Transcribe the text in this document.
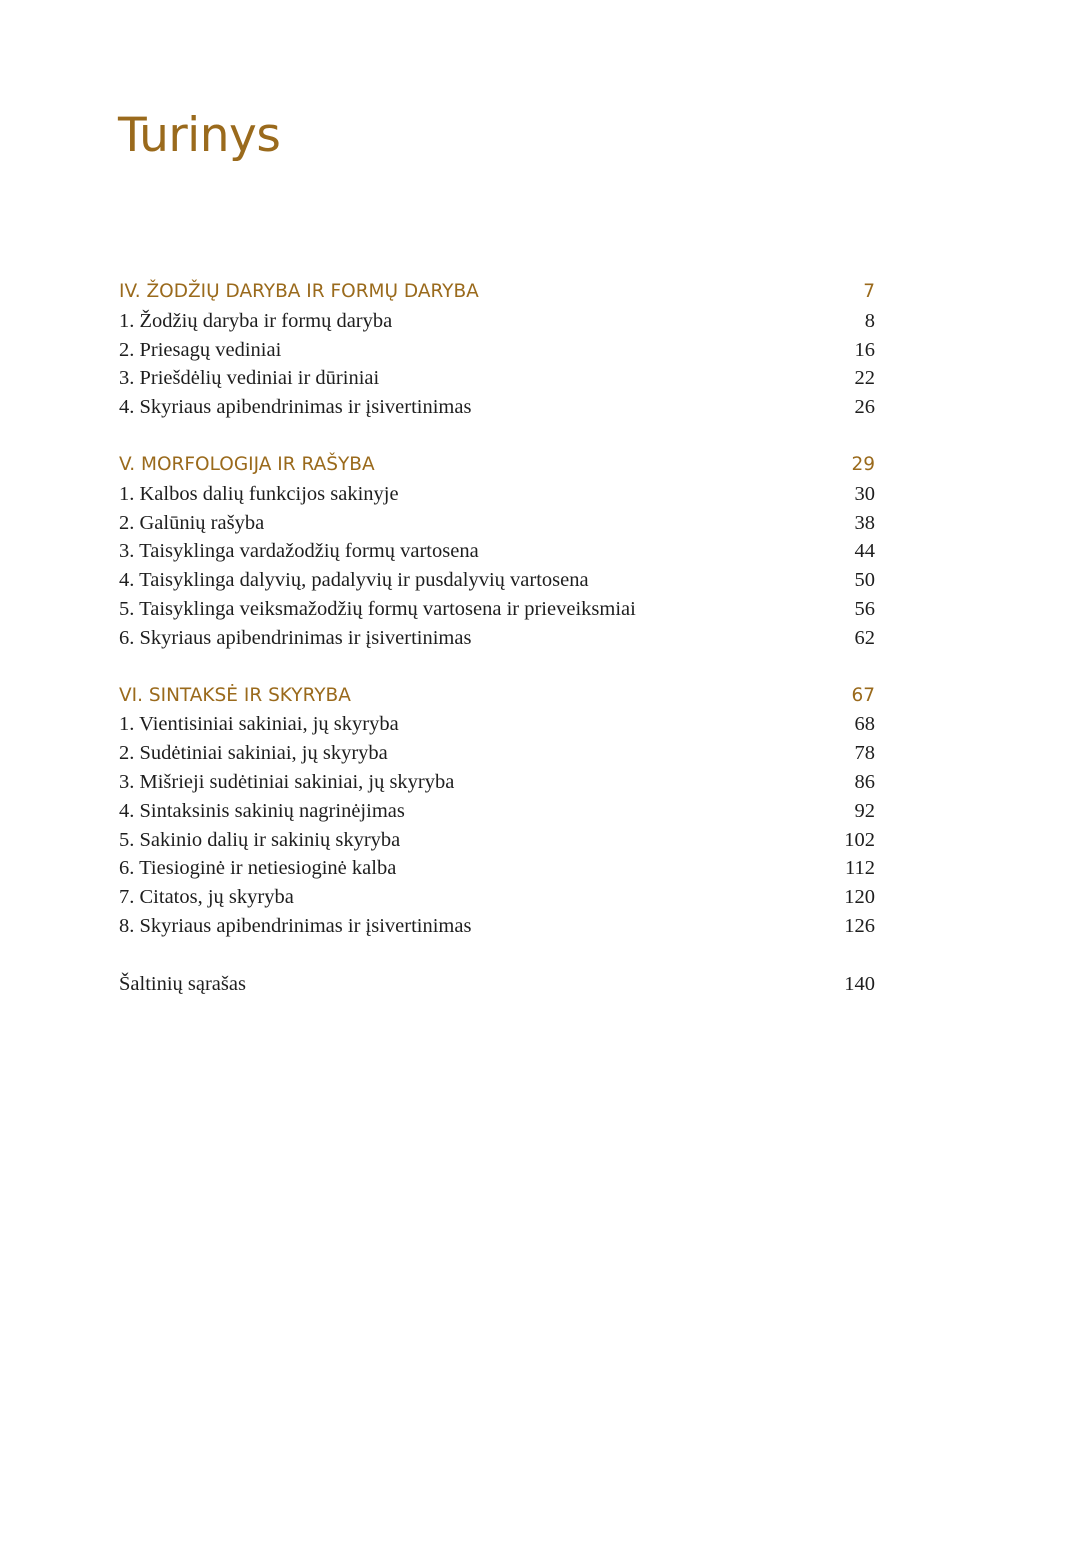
Turinys
IV. ŽODŽIŲ DARYBA IR FORMŲ DARYBA	7
1. Žodžių daryba ir formų daryba	8
2. Priesagų vediniai	16
3. Priešdėlių vediniai ir dūriniai	22
4. Skyriaus apibendrinimas ir įsivertinimas	26
V. MORFOLOGIJA IR RAŠYBA	29
1. Kalbos dalių funkcijos sakinyje	30
2. Galūnių rašyba	38
3. Taisyklinga vardažodžių formų vartosena	44
4. Taisyklinga dalyvių, padalyvių ir pusdalyvių vartosena	50
5. Taisyklinga veiksmažodžių formų vartosena ir prieveiksmiai	56
6. Skyriaus apibendrinimas ir įsivertinimas	62
VI. SINTAKSĖ IR SKYRYBA	67
1. Vientisiniai sakiniai, jų skyryba	68
2. Sudėtiniai sakiniai, jų skyryba	78
3. Mišrieji sudėtiniai sakiniai, jų skyryba	86
4. Sintaksinis sakinių nagrinėjimas	92
5. Sakinio dalių ir sakinių skyryba	102
6. Tiesioginė ir netiesioginė kalba	112
7. Citatos, jų skyryba	120
8. Skyriaus apibendrinimas ir įsivertinimas	126
Šaltinių sąrašas	140
